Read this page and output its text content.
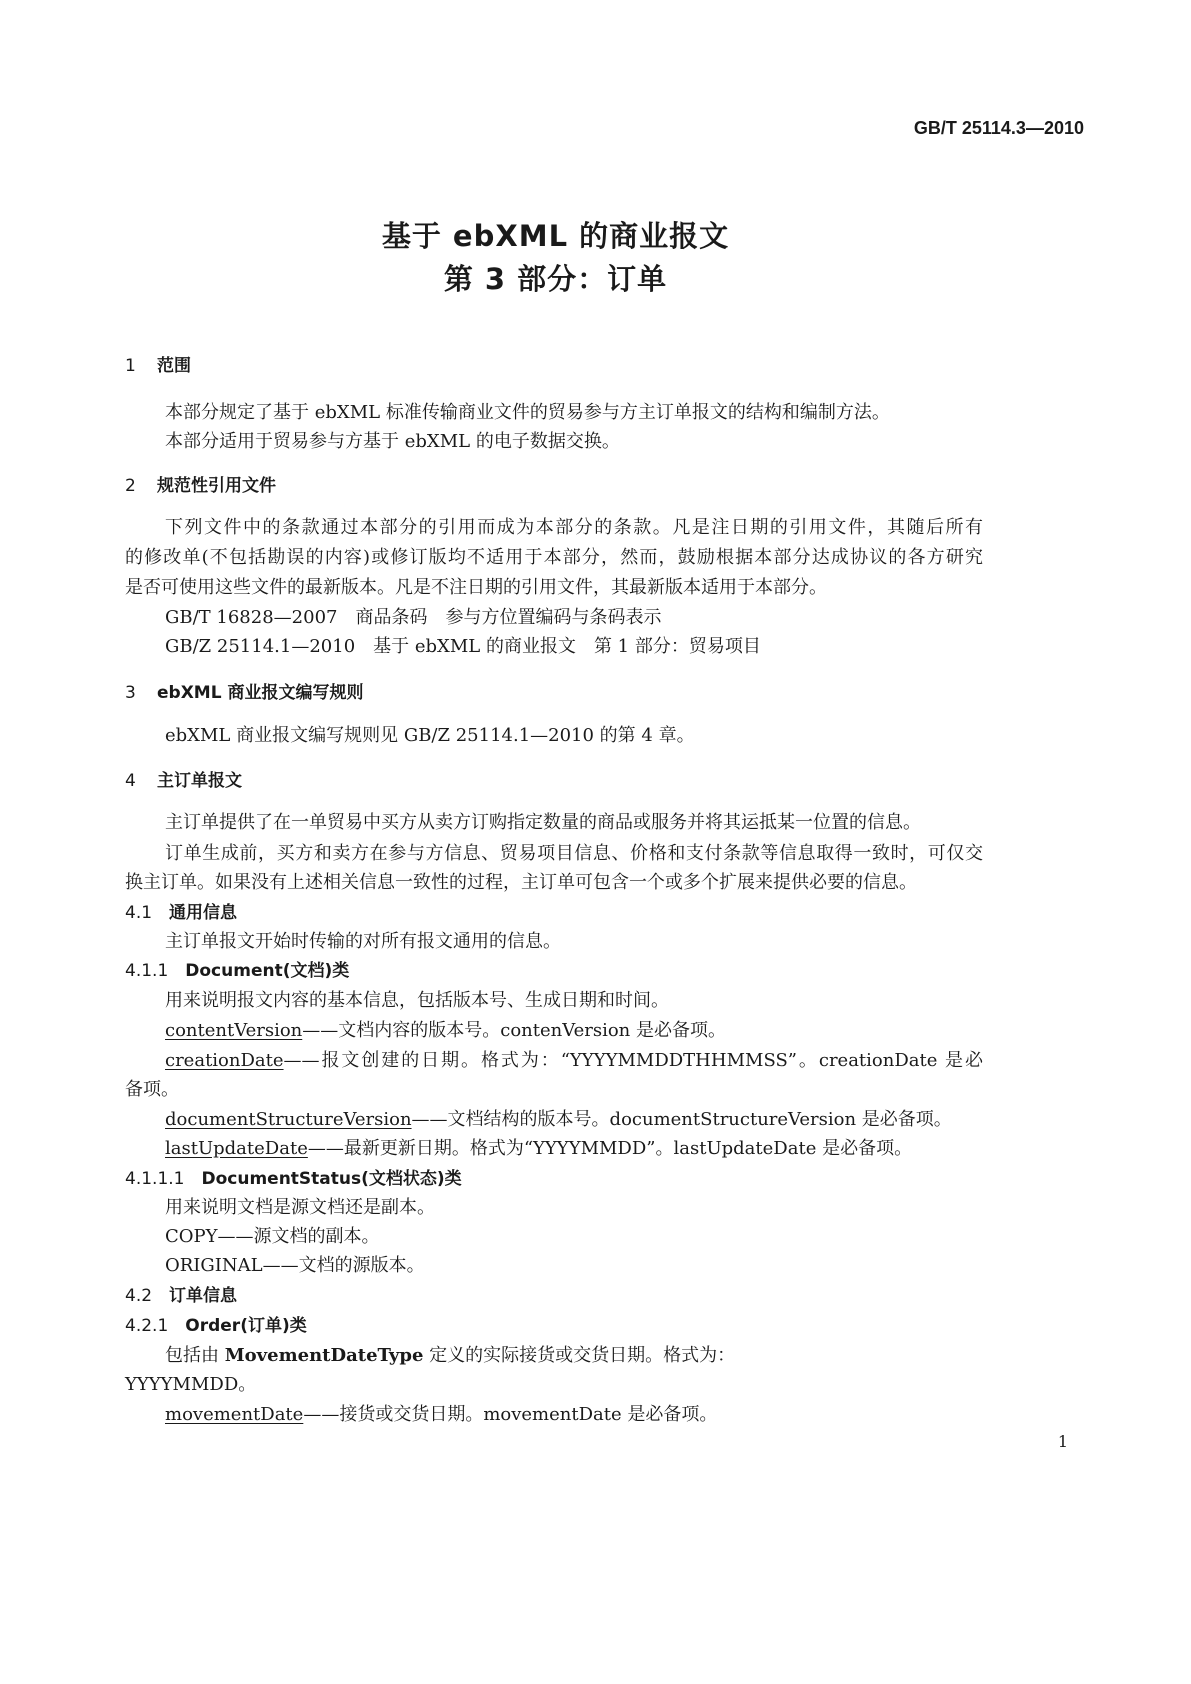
GB/T 25114.3—2010
基于 ebXML 的商业报文
第 3 部分：订单
1 范围
本部分规定了基于 ebXML 标准传输商业文件的贸易参与方主订单报文的结构和编制方法。
本部分适用于贸易参与方基于 ebXML 的电子数据交换。
2 规范性引用文件
下列文件中的条款通过本部分的引用而成为本部分的条款。凡是注日期的引用文件，其随后所有
的修改单(不包括勘误的内容)或修订版均不适用于本部分，然而，鼓励根据本部分达成协议的各方研究
是否可使用这些文件的最新版本。凡是不注日期的引用文件，其最新版本适用于本部分。
GB/T 16828—2007　商品条码　参与方位置编码与条码表示
GB/Z 25114.1—2010　基于 ebXML 的商业报文　第 1 部分：贸易项目
3 ebXML 商业报文编写规则
ebXML 商业报文编写规则见 GB/Z 25114.1—2010 的第 4 章。
4 主订单报文
主订单提供了在一单贸易中买方从卖方订购指定数量的商品或服务并将其运抵某一位置的信息。
订单生成前，买方和卖方在参与方信息、贸易项目信息、价格和支付条款等信息取得一致时，可仅交
换主订单。如果没有上述相关信息一致性的过程，主订单可包含一个或多个扩展来提供必要的信息。
4.1　 通用信息
主订单报文开始时传输的对所有报文通用的信息。
4.1.1　 Document(文档)类
用来说明报文内容的基本信息，包括版本号、生成日期和时间。
contentVersion——文档内容的版本号。contenVersion 是必备项。
creationDate——报文创建的日期。格式为：“YYYYMMDDTHHMMSS”。creationDate 是必
备项。
documentStructureVersion——文档结构的版本号。documentStructureVersion 是必备项。
lastUpdateDate——最新更新日期。格式为“YYYYMMDD”。lastUpdateDate 是必备项。
4.1.1.1　 DocumentStatus(文档状态)类
用来说明文档是源文档还是副本。
COPY——源文档的副本。
ORIGINAL——文档的源版本。
4.2　 订单信息
4.2.1　 Order(订单)类
包括由 MovementDateType 定义的实际接货或交货日期。格式为：
YYYYMMDD。
movementDate——接货或交货日期。movementDate 是必备项。
1
